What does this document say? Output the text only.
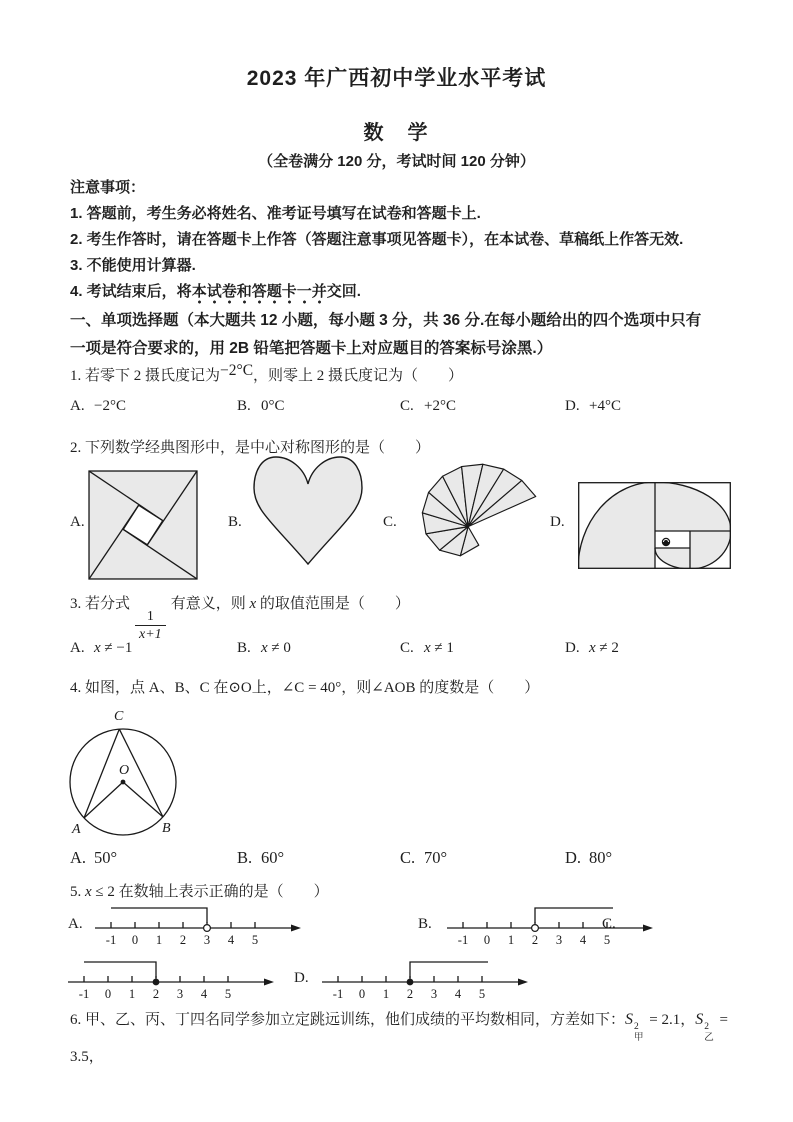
2023 年广西初中学业水平考试
数　学
（全卷满分 120 分，考试时间 120 分钟）
注意事项：
1. 答题前，考生务必将姓名、准考证号填写在试卷和答题卡上.
2. 考生作答时，请在答题卡上作答（答题注意事项见答题卡），在本试卷、草稿纸上作答无效.
3. 不能使用计算器.
4. 考试结束后，将本试卷和答题卡一并交回.
一、单项选择题（本大题共 12 小题，每小题 3 分，共 36 分.在每小题给出的四个选项中只有
一项是符合要求的，用 2B 铅笔把答题卡上对应题目的答案标号涂黑.）
1. 若零下 2 摄氏度记为−2°C，则零上 2 摄氏度记为（　　）
A. −2°C	B. 0°C	C. +2°C	D. +4°C
2. 下列数学经典图形中，是中心对称图形的是（　　）
A.	B.	C.	D.
3. 若分式
$\frac{1}{x+1}$
有意义，则 x 的取值范围是（　　）
A. x ≠ −1	B. x ≠ 0	C. x ≠ 1	D. x ≠ 2
4. 如图，点 A、B、C 在⊙O上，∠C = 40°，则∠AOB 的度数是（　　）
C
O
A	B
A. 50°	B. 60°	C. 70°	D. 80°
5. x ≤ 2 在数轴上表示正确的是（　　）
A.
-1 0 1 2 3 4 5
B.
-1 0 1 2 3 4 5
C.
-1 0 1 2 3 4 5
D.
-1 0 1 2 3 4 5
6. 甲、乙、丙、丁四名同学参加立定跳远训练，他们成绩的平均数相同，方差如下：S 2
甲
= 2.1，S 2
乙
= 3.5，
